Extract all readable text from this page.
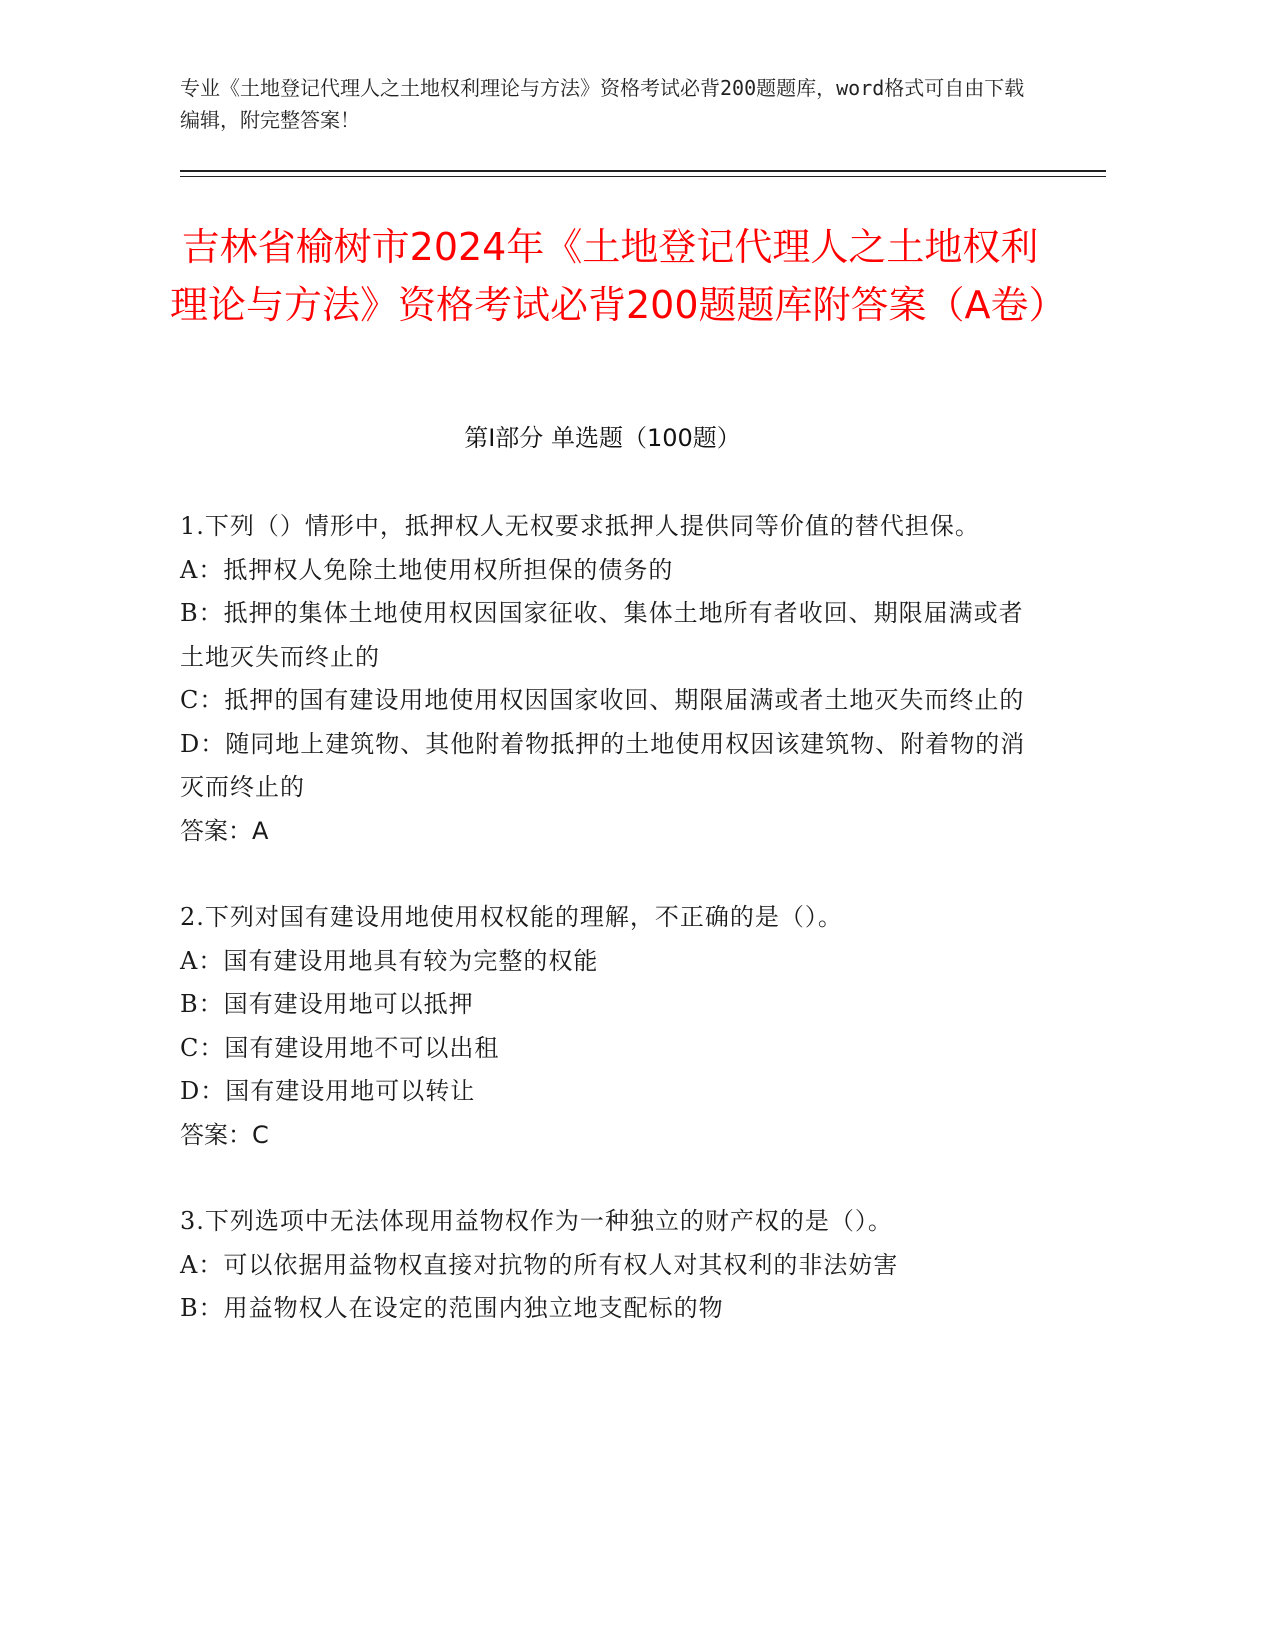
专业《土地登记代理人之土地权利理论与方法》资格考试必背200题题库，word格式可自由下载编辑，附完整答案！
吉林省榆树市2024年《土地登记代理人之土地权利理论与方法》资格考试必背200题题库附答案（A卷）
第I部分 单选题（100题）

1.下列（）情形中，抵押权人无权要求抵押人提供同等价值的替代担保。

A：抵押权人免除土地使用权所担保的债务的

B：抵押的集体土地使用权因国家征收、集体土地所有者收回、期限届满或者土地灭失而终止的

C：抵押的国有建设用地使用权因国家收回、期限届满或者土地灭失而终止的

D：随同地上建筑物、其他附着物抵押的土地使用权因该建筑物、附着物的消灭而终止的

答案：A

2.下列对国有建设用地使用权权能的理解，不正确的是（）。

A：国有建设用地具有较为完整的权能

B：国有建设用地可以抵押

C：国有建设用地不可以出租

D：国有建设用地可以转让

答案：C

3.下列选项中无法体现用益物权作为一种独立的财产权的是（）。

A：可以依据用益物权直接对抗物的所有权人对其权利的非法妨害

B：用益物权人在设定的范围内独立地支配标的物
